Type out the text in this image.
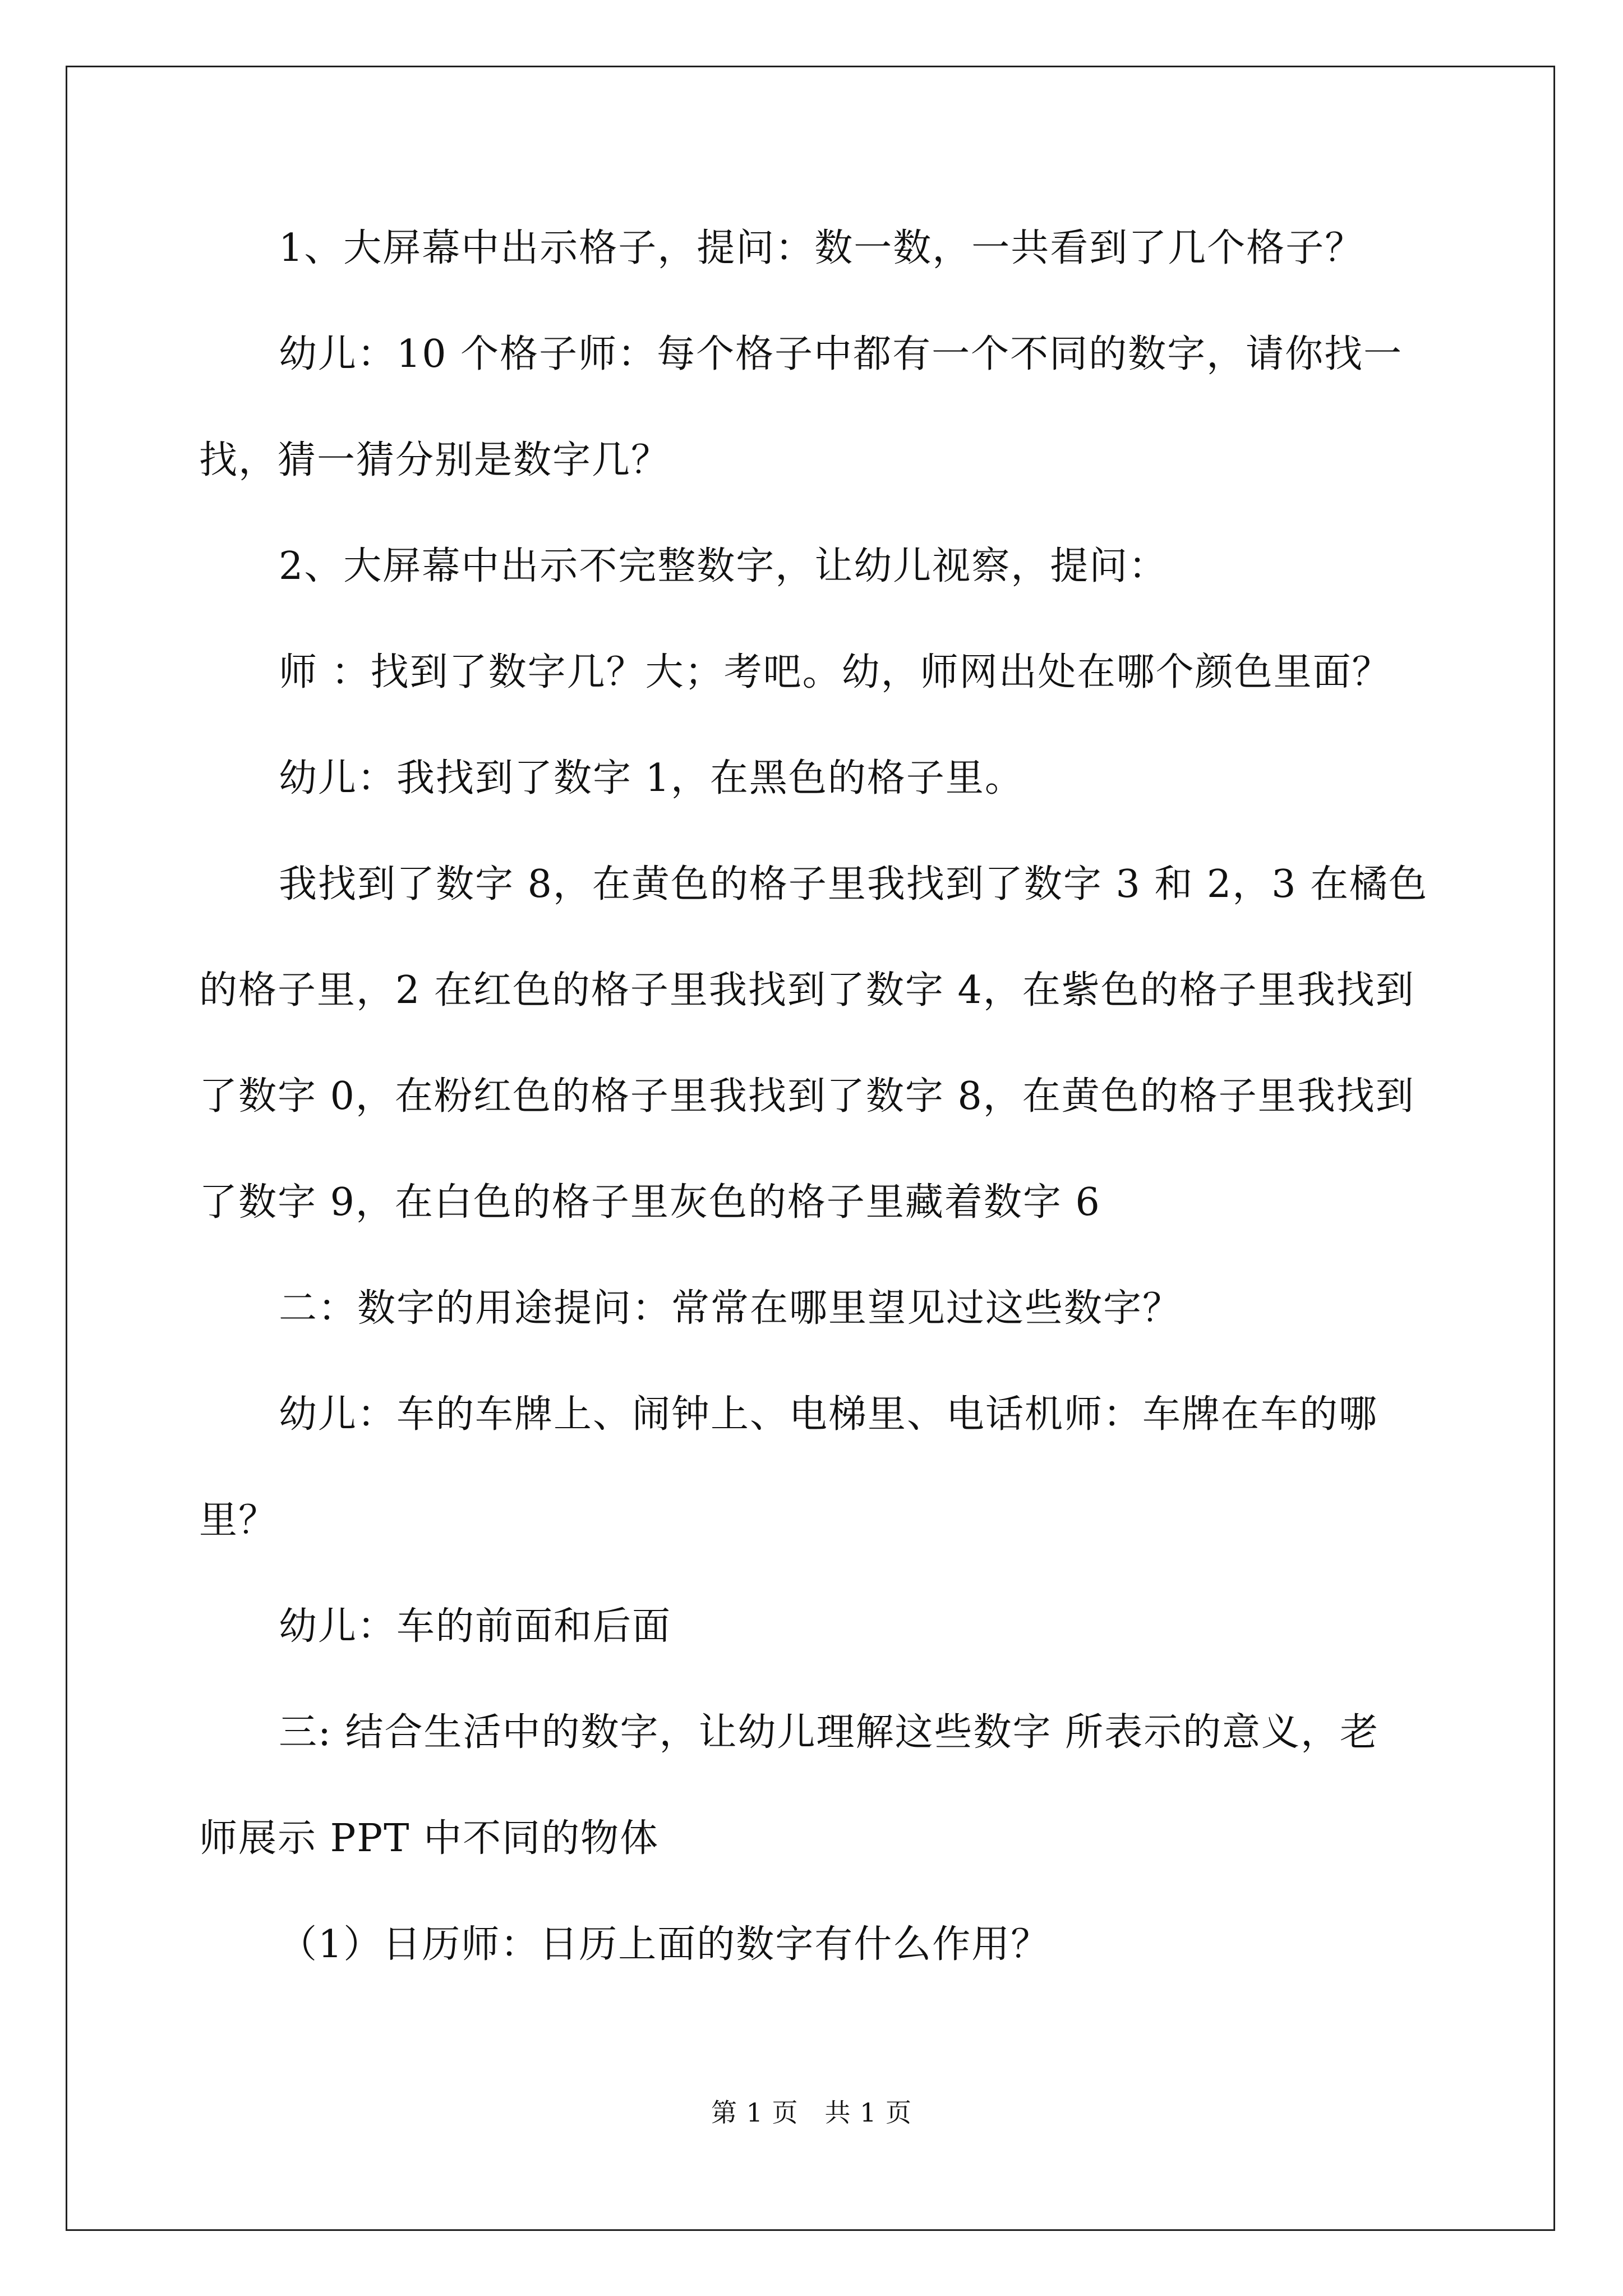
1、大屏幕中出示格子，提问：数一数，一共看到了几个格子？
幼儿：10 个格子师：每个格子中都有一个不同的数字，请你找一
找，猜一猜分别是数字几？
2、大屏幕中出示不完整数字，让幼儿视察，提问：
师 ：找到了数字几？大；考吧。幼，师网出处在哪个颜色里面？
幼儿：我找到了数字 1，在黑色的格子里。
我找到了数字 8，在黄色的格子里我找到了数字 3 和 2，3 在橘色
的格子里，2 在红色的格子里我找到了数字 4，在紫色的格子里我找到
了数字 0，在粉红色的格子里我找到了数字 8，在黄色的格子里我找到
了数字 9，在白色的格子里灰色的格子里藏着数字 6
二：数字的用途提问：常常在哪里望见过这些数字？
幼儿：车的车牌上、闹钟上、电梯里、电话机师：车牌在车的哪
里？
幼儿：车的前面和后面
三: 结合生活中的数字，让幼儿理解这些数字 所表示的意义，老
师展示 PPT 中不同的物体
（1）日历师：日历上面的数字有什么作用？
第 1 页　共 1 页
